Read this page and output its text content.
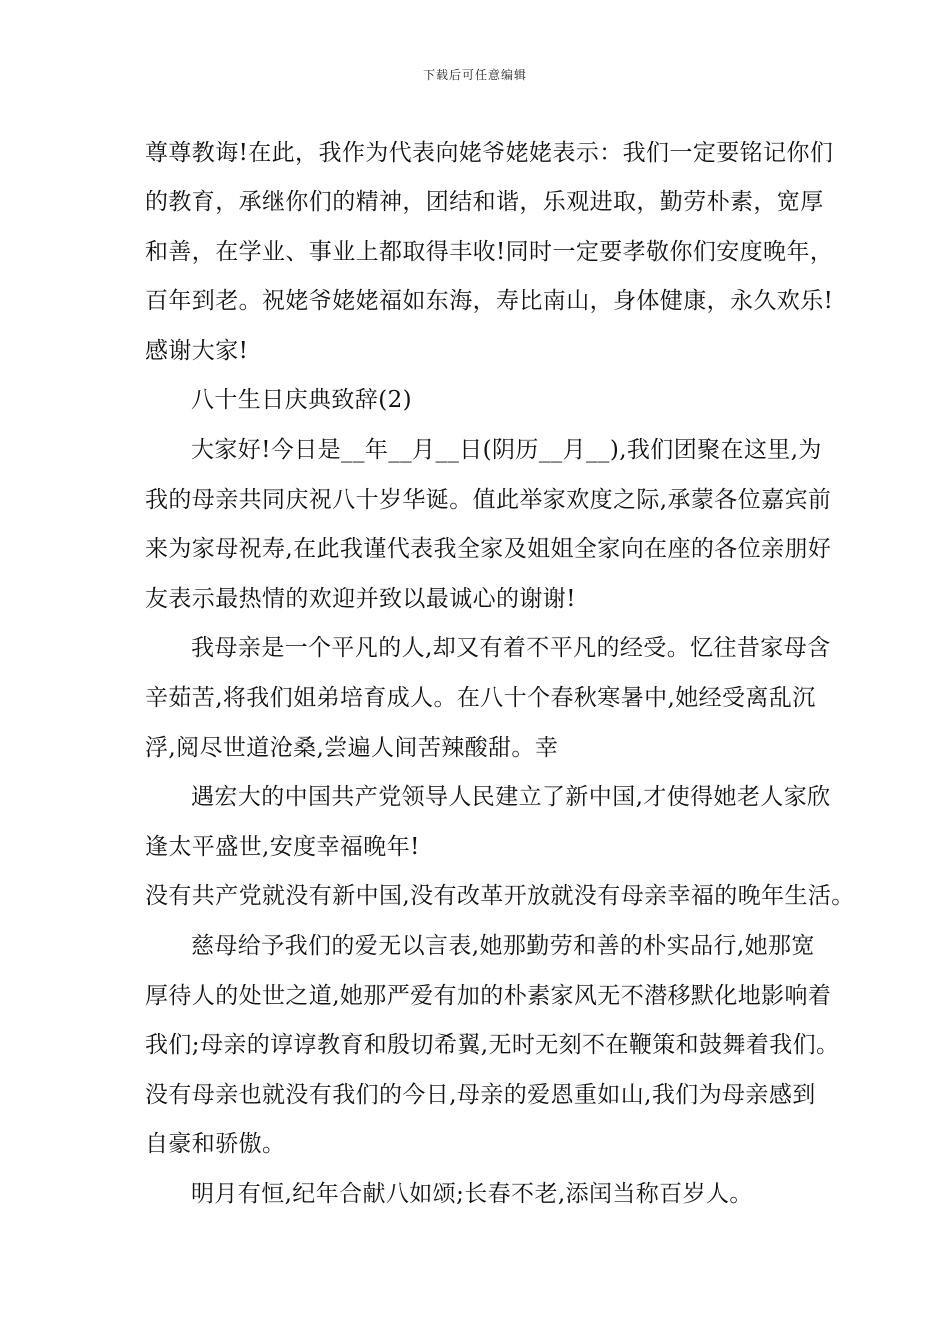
下载后可任意编辑
尊尊教诲!在此，我作为代表向姥爷姥姥表示：我们一定要铭记你们
的教育，承继你们的精神，团结和谐，乐观进取，勤劳朴素，宽厚
和善，在学业、事业上都取得丰收!同时一定要孝敬你们安度晚年，
百年到老。祝姥爷姥姥福如东海，寿比南山，身体健康，永久欢乐!
感谢大家!
八十生日庆典致辞(2)
大家好!今日是__年__月__日(阴历__月__),我们团聚在这里,为
我的母亲共同庆祝八十岁华诞。值此举家欢度之际,承蒙各位嘉宾前
来为家母祝寿,在此我谨代表我全家及姐姐全家向在座的各位亲朋好
友表示最热情的欢迎并致以最诚心的谢谢!
我母亲是一个平凡的人,却又有着不平凡的经受。忆往昔家母含
辛茹苦,将我们姐弟培育成人。在八十个春秋寒暑中,她经受离乱沉
浮,阅尽世道沧桑,尝遍人间苦辣酸甜。幸
遇宏大的中国共产党领导人民建立了新中国,才使得她老人家欣
逢太平盛世,安度幸福晚年!
没有共产党就没有新中国,没有改革开放就没有母亲幸福的晚年生活。
慈母给予我们的爱无以言表,她那勤劳和善的朴实品行,她那宽
厚待人的处世之道,她那严爱有加的朴素家风无不潜移默化地影响着
我们;母亲的谆谆教育和殷切希翼,无时无刻不在鞭策和鼓舞着我们。
没有母亲也就没有我们的今日,母亲的爱恩重如山,我们为母亲感到
自豪和骄傲。
明月有恒,纪年合献八如颂;长春不老,添闰当称百岁人。
